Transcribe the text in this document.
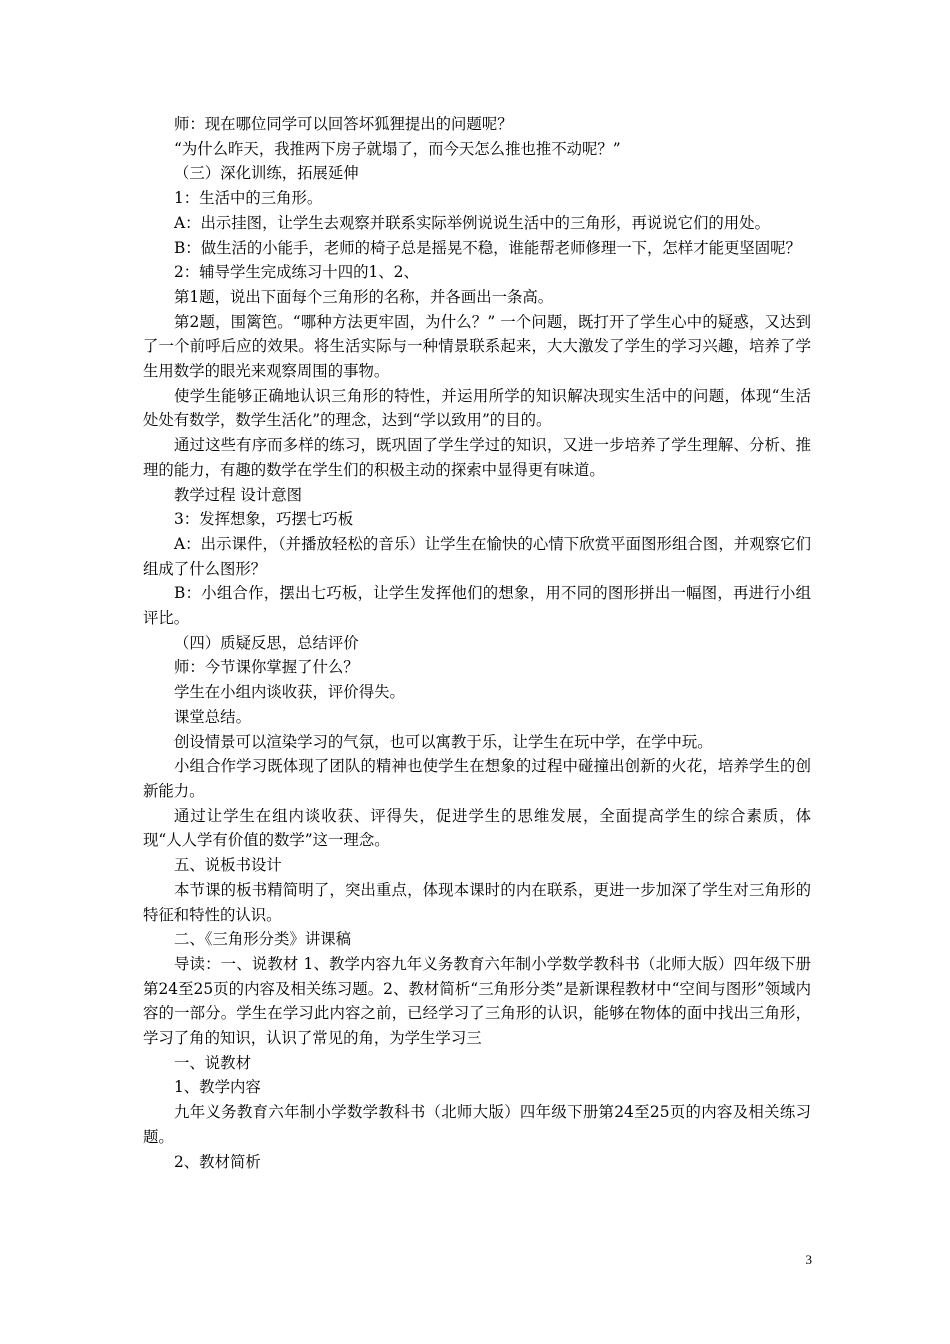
师：现在哪位同学可以回答坏狐狸提出的问题呢？

“为什么昨天，我推两下房子就塌了，而今天怎么推也推不动呢？”

（三）深化训练，拓展延伸

1：生活中的三角形。

A：出示挂图，让学生去观察并联系实际举例说说生活中的三角形，再说说它们的用处。

B：做生活的小能手，老师的椅子总是摇晃不稳，谁能帮老师修理一下，怎样才能更坚固呢？

2：辅导学生完成练习十四的1、2、

第1题，说出下面每个三角形的名称，并各画出一条高。

第2题，围篱笆。“哪种方法更牢固，为什么？” 一个问题，既打开了学生心中的疑惑，又达到了一个前呼后应的效果。将生活实际与一种情景联系起来，大大激发了学生的学习兴趣，培养了学生用数学的眼光来观察周围的事物。

使学生能够正确地认识三角形的特性，并运用所学的知识解决现实生活中的问题，体现“生活处处有数学，数学生活化”的理念，达到“学以致用”的目的。

通过这些有序而多样的练习，既巩固了学生学过的知识，又进一步培养了学生理解、分析、推理的能力，有趣的数学在学生们的积极主动的探索中显得更有味道。

教学过程 设计意图

3：发挥想象，巧摆七巧板

A：出示课件，（并播放轻松的音乐）让学生在愉快的心情下欣赏平面图形组合图，并观察它们组成了什么图形？

B：小组合作，摆出七巧板，让学生发挥他们的想象，用不同的图形拼出一幅图，再进行小组评比。

（四）质疑反思，总结评价

师：今节课你掌握了什么？

学生在小组内谈收获，评价得失。

课堂总结。

创设情景可以渲染学习的气氛，也可以寓教于乐，让学生在玩中学，在学中玩。

小组合作学习既体现了团队的精神也使学生在想象的过程中碰撞出创新的火花，培养学生的创新能力。

通过让学生在组内谈收获、评得失，促进学生的思维发展，全面提高学生的综合素质，体现“人人学有价值的数学”这一理念。

五、说板书设计

本节课的板书精简明了，突出重点，体现本课时的内在联系，更进一步加深了学生对三角形的特征和特性的认识。

二、《三角形分类》讲课稿

导读：一、说教材 1、教学内容九年义务教育六年制小学数学教科书（北师大版）四年级下册第24至25页的内容及相关练习题。2、教材简析“三角形分类”是新课程教材中“空间与图形”领域内容的一部分。学生在学习此内容之前，已经学习了三角形的认识，能够在物体的面中找出三角形，学习了角的知识，认识了常见的角，为学生学习三

一、说教材

1、教学内容

九年义务教育六年制小学数学教科书（北师大版）四年级下册第24至25页的内容及相关练习题。

2、教材简析

3
